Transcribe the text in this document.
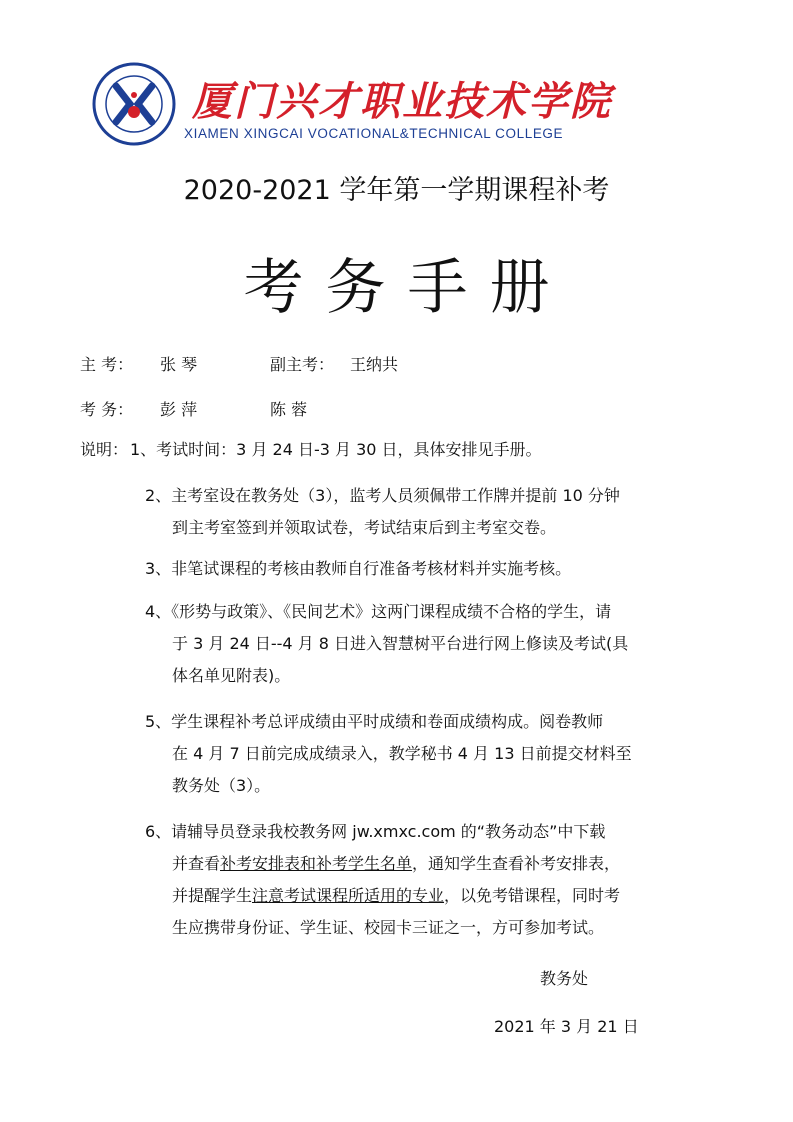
厦门兴才职业技术学院
XIAMEN XINGCAI VOCATIONAL&TECHNICAL COLLEGE
2020-2021 学年第一学期课程补考
考务手册
主 考： 张 琴	副主考： 王纳共
考 务： 彭 萍	陈 蓉
说明： 1、考试时间：3 月 24 日-3 月 30 日，具体安排见手册。
2、主考室设在教务处（3），监考人员须佩带工作牌并提前 10 分钟
到主考室签到并领取试卷，考试结束后到主考室交卷。
3、非笔试课程的考核由教师自行准备考核材料并实施考核。
4、《形势与政策》、《民间艺术》这两门课程成绩不合格的学生，请
于 3 月 24 日--4 月 8 日进入智慧树平台进行网上修读及考试(具
体名单见附表)。
5、学生课程补考总评成绩由平时成绩和卷面成绩构成。阅卷教师
在 4 月 7 日前完成成绩录入，教学秘书 4 月 13 日前提交材料至
教务处（3）。
6、请辅导员登录我校教务网 jw.xmxc.com 的“教务动态”中下载
并查看补考安排表和补考学生名单，通知学生查看补考安排表，
并提醒学生注意考试课程所适用的专业，以免考错课程，同时考
生应携带身份证、学生证、校园卡三证之一，方可参加考试。
教务处
2021 年 3 月 21 日
